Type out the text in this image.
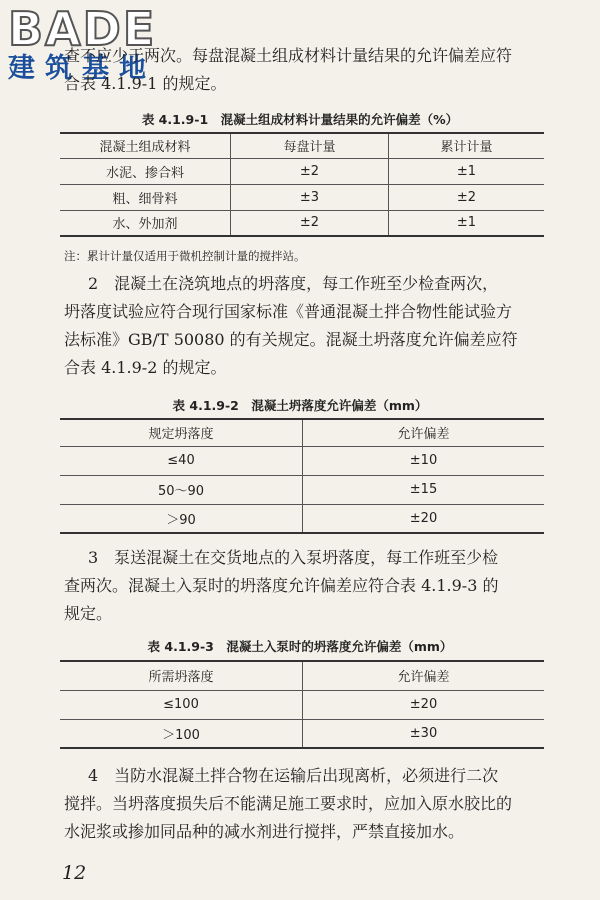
BADE
建筑基地
查不应少于两次。每盘混凝土组成材料计量结果的允许偏差应符
合表 4.1.9-1 的规定。
表 4.1.9-1　混凝土组成材料计量结果的允许偏差（%）
混凝土组成材料	每盘计量	累计计量
水泥、掺合料	±2	±1
粗、细骨料	±3	±2
水、外加剂	±2	±1
注：累计计量仅适用于微机控制计量的搅拌站。
2　混凝土在浇筑地点的坍落度，每工作班至少检查两次，
坍落度试验应符合现行国家标准《普通混凝土拌合物性能试验方
法标准》GB/T 50080 的有关规定。混凝土坍落度允许偏差应符
合表 4.1.9-2 的规定。
表 4.1.9-2　混凝土坍落度允许偏差（mm）
规定坍落度	允许偏差
≤40	±10
50～90	±15
＞90	±20
3　泵送混凝土在交货地点的入泵坍落度，每工作班至少检
查两次。混凝土入泵时的坍落度允许偏差应符合表 4.1.9-3 的
规定。
表 4.1.9-3　混凝土入泵时的坍落度允许偏差（mm）
所需坍落度	允许偏差
≤100	±20
＞100	±30
4　当防水混凝土拌合物在运输后出现离析，必须进行二次
搅拌。当坍落度损失后不能满足施工要求时，应加入原水胶比的
水泥浆或掺加同品种的减水剂进行搅拌，严禁直接加水。
12
